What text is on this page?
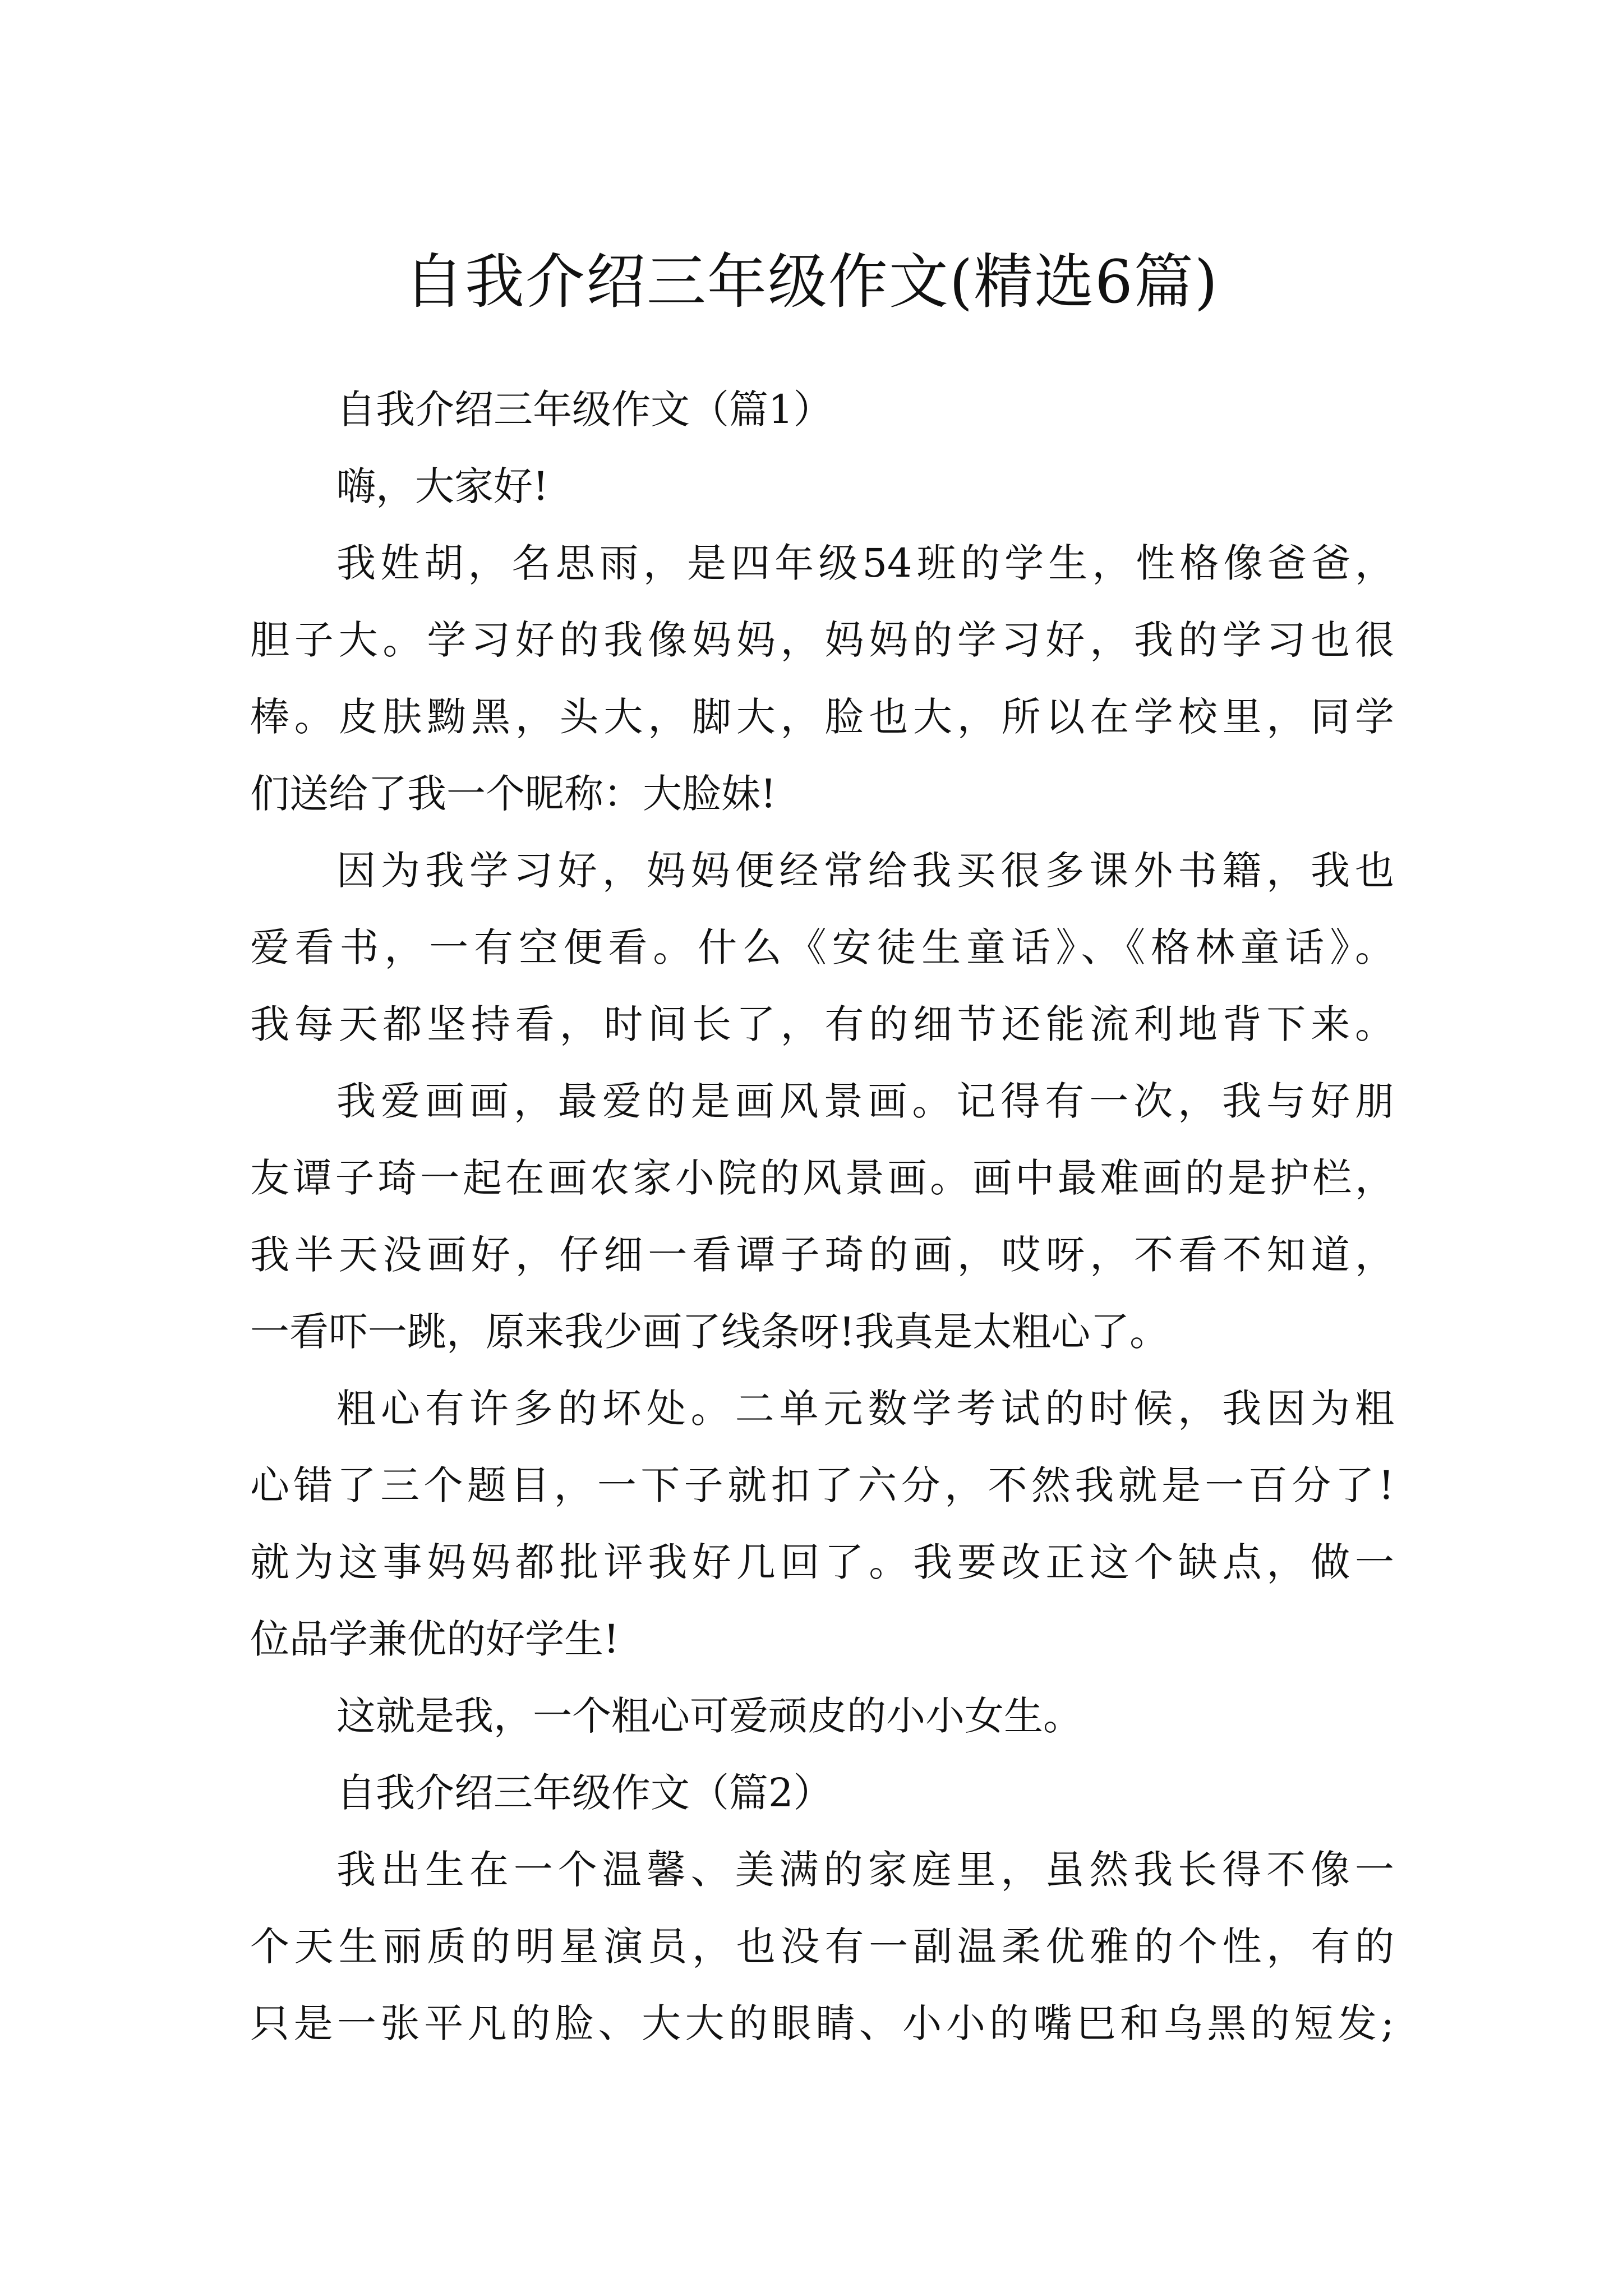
自我介绍三年级作文(精选6篇)
自我介绍三年级作文（篇1）
嗨，大家好!
我姓胡，名思雨，是四年级54班的学生，性格像爸爸，
胆子大。学习好的我像妈妈，妈妈的学习好，我的学习也很
棒。皮肤黝黑，头大，脚大，脸也大，所以在学校里，同学
们送给了我一个昵称：大脸妹!
因为我学习好，妈妈便经常给我买很多课外书籍，我也
爱看书，一有空便看。什么《安徒生童话》、《格林童话》。
我每天都坚持看，时间长了，有的细节还能流利地背下来。
我爱画画，最爱的是画风景画。记得有一次，我与好朋
友谭子琦一起在画农家小院的风景画。画中最难画的是护栏，
我半天没画好，仔细一看谭子琦的画，哎呀，不看不知道，
一看吓一跳，原来我少画了线条呀!我真是太粗心了。
粗心有许多的坏处。二单元数学考试的时候，我因为粗
心错了三个题目，一下子就扣了六分，不然我就是一百分了!
就为这事妈妈都批评我好几回了。我要改正这个缺点，做一
位品学兼优的好学生!
这就是我，一个粗心可爱顽皮的小小女生。
自我介绍三年级作文（篇2）
我出生在一个温馨、美满的家庭里，虽然我长得不像一
个天生丽质的明星演员，也没有一副温柔优雅的个性，有的
只是一张平凡的脸、大大的眼睛、小小的嘴巴和乌黑的短发;
